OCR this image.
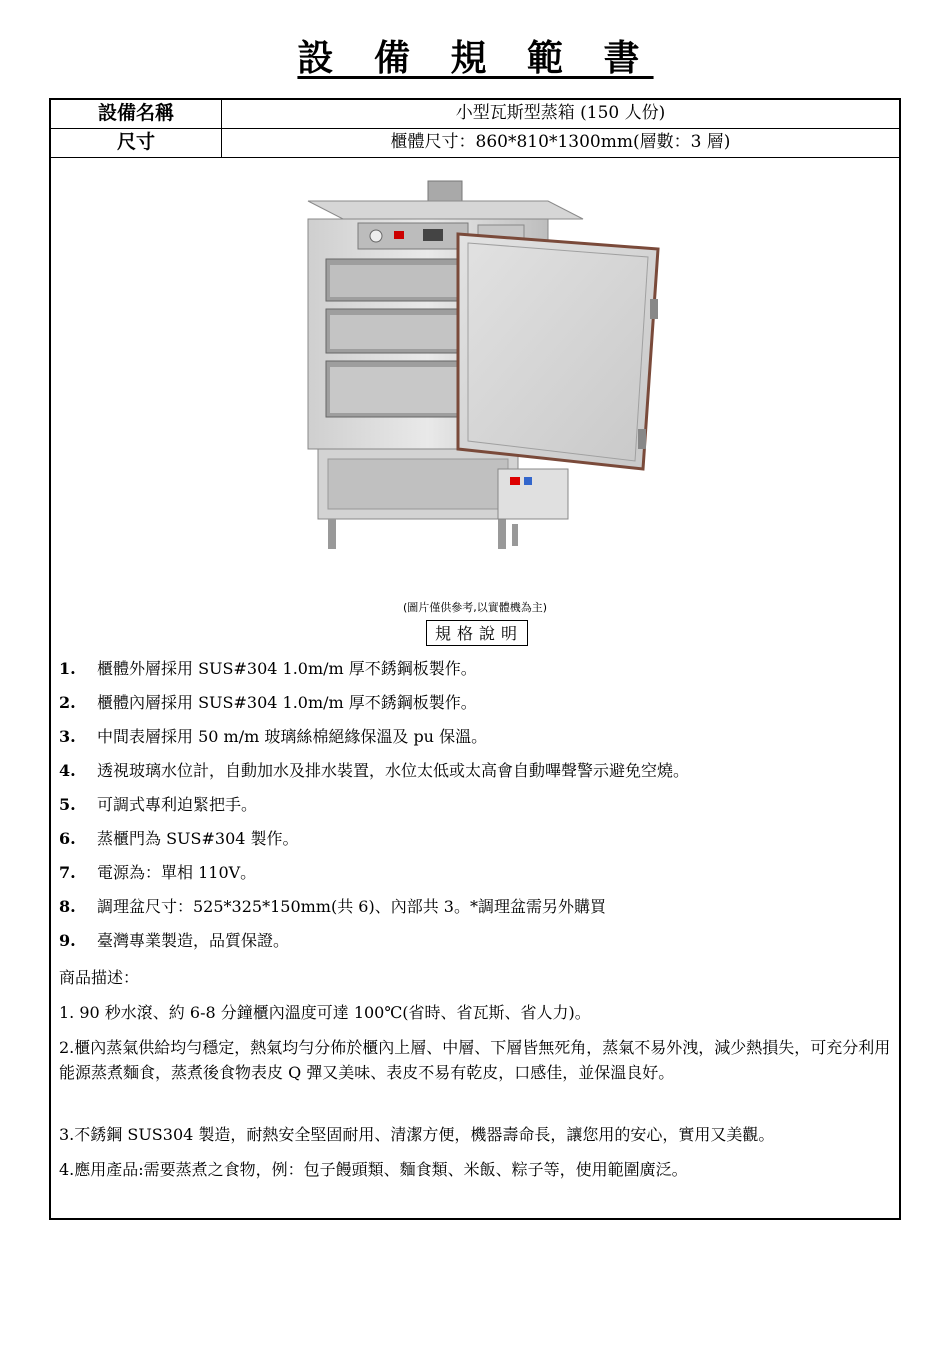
設 備 規 範 書
設備名稱	小型瓦斯型蒸箱 (150 人份)
尺寸	櫃體尺寸：860*810*1300mm(層數：3 層)
(圖片僅供參考,以實體機為主)
規格說明
1. 櫃體外層採用 SUS#304 1.0m/m 厚不銹鋼板製作。
2. 櫃體內層採用 SUS#304 1.0m/m 厚不銹鋼板製作。
3. 中間表層採用 50 m/m 玻璃絲棉絕緣保溫及 pu 保溫。
4. 透視玻璃水位計，自動加水及排水裝置，水位太低或太高會自動嗶聲警示避免空燒。
5. 可調式專利迫緊把手。
6. 蒸櫃門為 SUS#304 製作。
7. 電源為：單相 110V。
8. 調理盆尺寸：525*325*150mm(共 6)、內部共 3。*調理盆需另外購買
9. 臺灣專業製造，品質保證。
商品描述：
1. 90 秒水滾、約 6-8 分鐘櫃內溫度可達 100℃(省時、省瓦斯、省人力)。
2.櫃內蒸氣供給均勻穩定，熱氣均勻分佈於櫃內上層、中層、下層皆無死角，蒸氣不易外洩，減少熱損失，可充分利用能源蒸煮麵食，蒸煮後食物表皮 Q 彈又美味、表皮不易有乾皮，口感佳，並保溫良好。
3.不銹鋼 SUS304 製造，耐熱安全堅固耐用、清潔方便，機器壽命長，讓您用的安心，實用又美觀。
4.應用產品:需要蒸煮之食物，例：包子饅頭類、麵食類、米飯、粽子等，使用範圍廣泛。
